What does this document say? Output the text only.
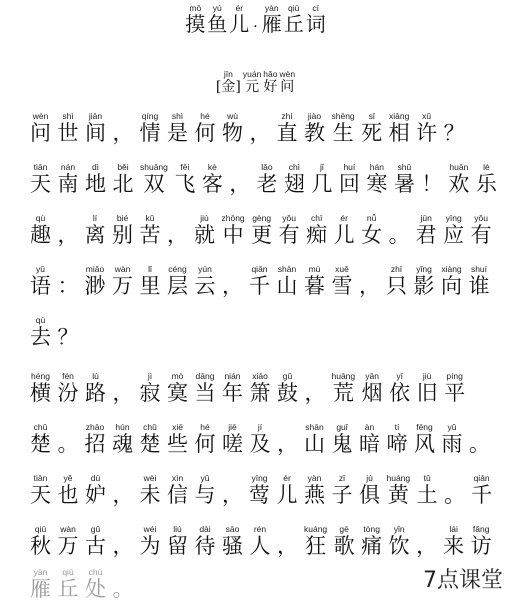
摸mō鱼yú儿ér· 雁yàn丘qiū词cí
[金]jīn元yuán好hǎo问wèn
问wèn世shì间jiān， 情qíng是shì何hé物wù， 直zhí教jiào生shēng死sǐ相xiāng许xǔ？
天tiān南nán地dì北běi双shuāng飞fēi客kè， 老lǎo翅chì几jǐ回huí寒hán暑shǔ！ 欢huān乐lè
趣qù， 离lí别bié苦kǔ， 就jiù中zhōng更gèng有yǒu痴chī儿ér女nǚ。 君jūn应yīng有yǒu
语yǔ： 渺miǎo万wàn里lǐ层céng云yún， 千qiān山shān暮mù雪xuě， 只zhī影yǐng向xiàng谁shuí
去qù？
横héng汾fén路lù， 寂jì寞mò当dāng年nián箫xiāo鼓gǔ， 荒huāng烟yān依yī旧jiù平píng
楚chǔ。 招zhāo魂hún楚chǔ些xiē何hé嗟jiē及jí， 山shān鬼guǐ暗àn啼tí风fēng雨yǔ。
天tiān也yě妒dù， 未wèi信xìn与yǔ， 莺yīng儿ér燕yàn子zǐ俱jù黄huáng土tǔ。 千qiān
秋qiū万wàn古gǔ， 为wéi留liú待dài骚sāo人rén， 狂kuáng歌gē痛tòng饮yǐn， 来lái访fǎng
雁yàn丘qiū处chù。	7点课堂
